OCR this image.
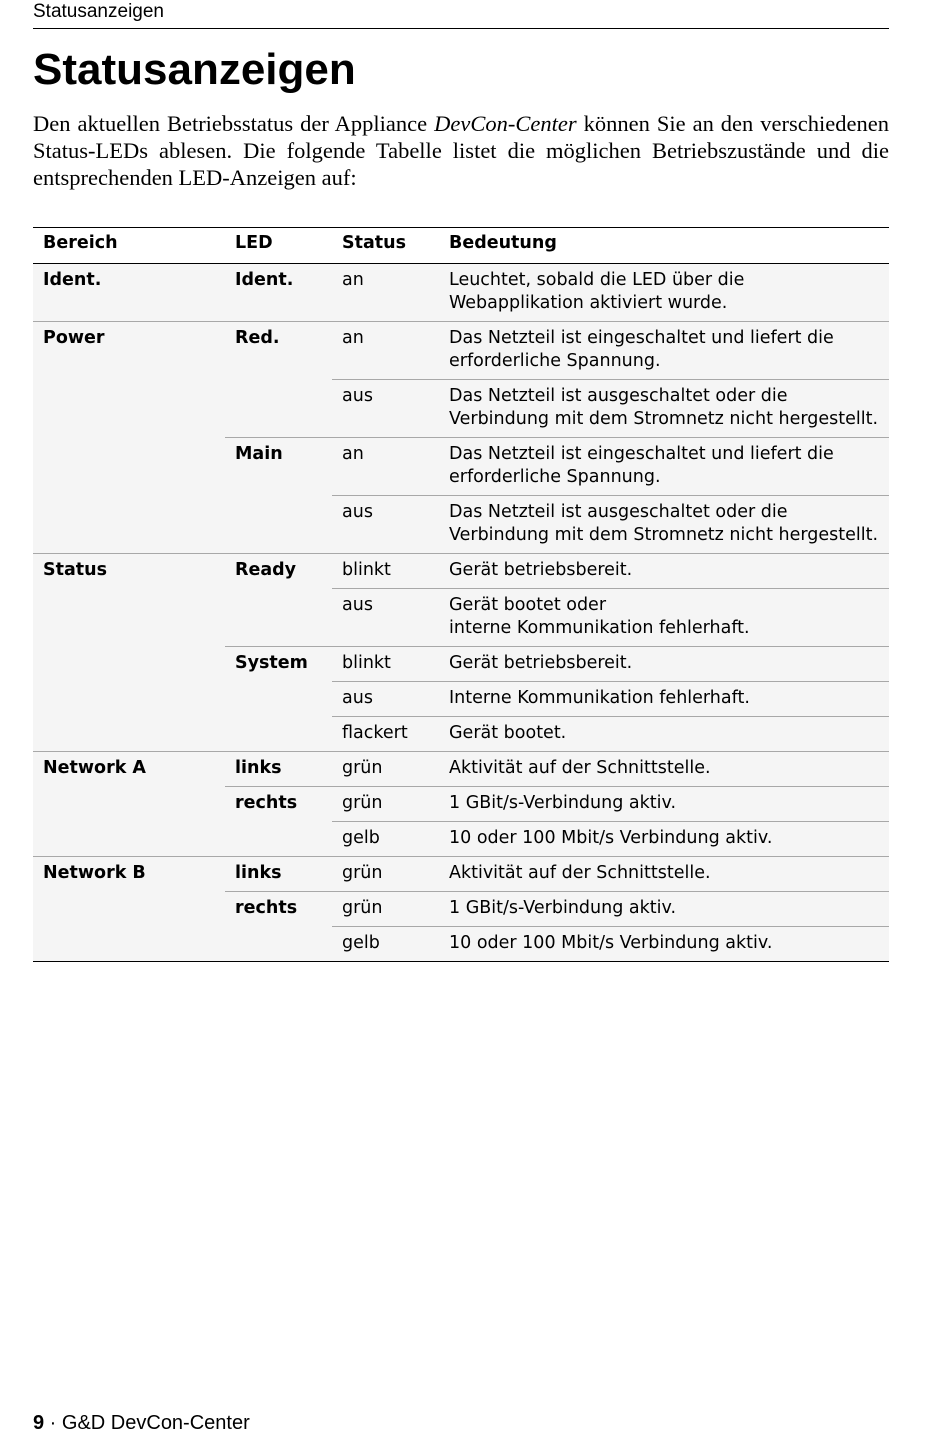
Statusanzeigen
Statusanzeigen

Den aktuellen Betriebsstatus der Appliance DevCon-Center können Sie an den verschiedenen Status-LEDs ablesen. Die folgende Tabelle listet die möglichen Betriebszustände und die entsprechenden LED-Anzeigen auf:

Bereich	LED	Status	Bedeutung
Ident.	Ident.	an	Leuchtet, sobald die LED über die Webapplikation aktiviert wurde.
Power	Red.	an	Das Netzteil ist eingeschaltet und liefert die erforderliche Spannung.
		aus	Das Netzteil ist ausgeschaltet oder die Verbindung mit dem Stromnetz nicht hergestellt.
	Main	an	Das Netzteil ist eingeschaltet und liefert die erforderliche Spannung.
		aus	Das Netzteil ist ausgeschaltet oder die Verbindung mit dem Stromnetz nicht hergestellt.
Status	Ready	blinkt	Gerät betriebsbereit.
		aus	Gerät bootet oder
interne Kommunikation fehlerhaft.
	System	blinkt	Gerät betriebsbereit.
		aus	Interne Kommunikation fehlerhaft.
		flackert	Gerät bootet.
Network A	links	grün	Aktivität auf der Schnittstelle.
	rechts	grün	1 GBit/s-Verbindung aktiv.
		gelb	10 oder 100 Mbit/s Verbindung aktiv.
Network B	links	grün	Aktivität auf der Schnittstelle.
	rechts	grün	1 GBit/s-Verbindung aktiv.
		gelb	10 oder 100 Mbit/s Verbindung aktiv.
9 · G&D DevCon-Center
